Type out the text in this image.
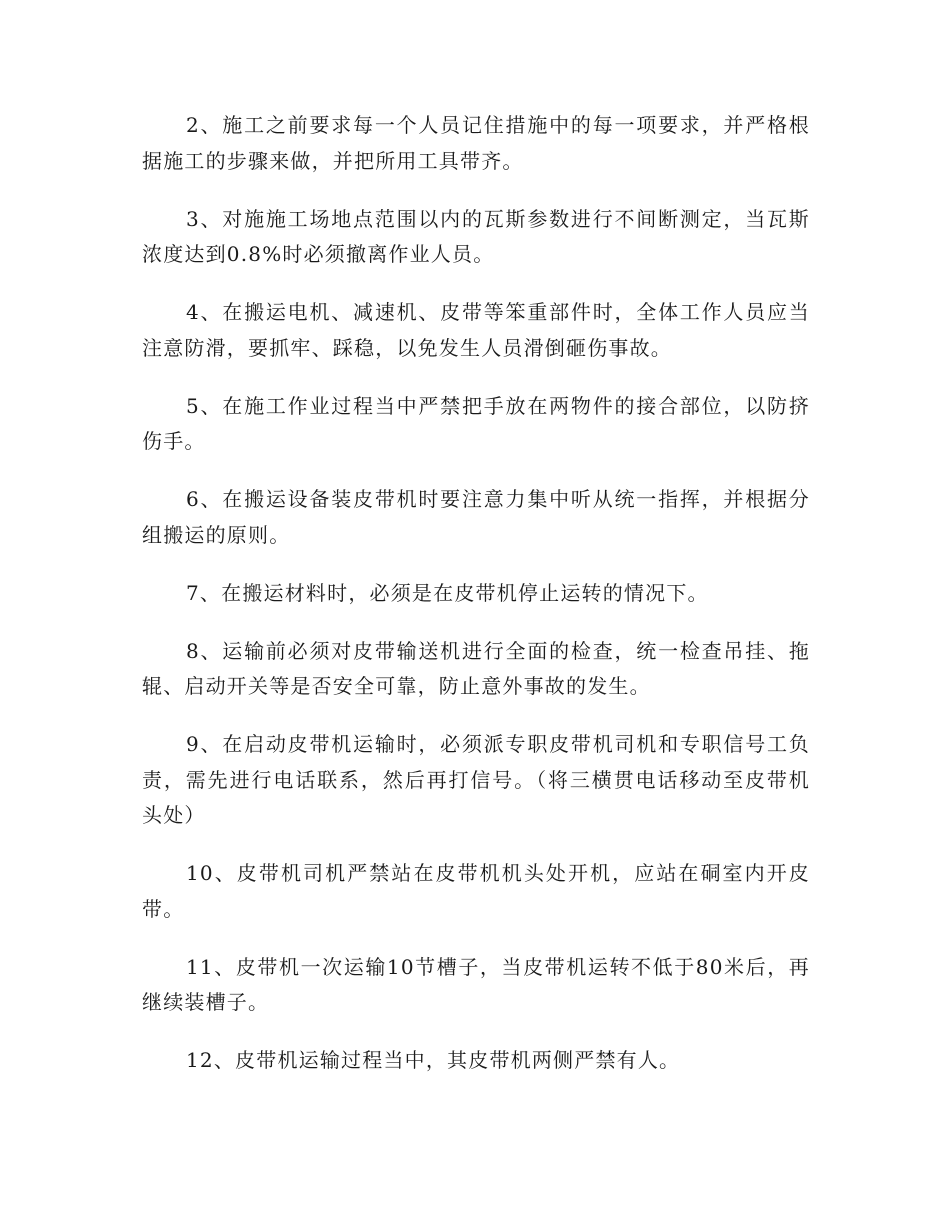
2、施工之前要求每一个人员记住措施中的每一项要求，并严格根据施工的步骤来做，并把所用工具带齐。

3、对施施工场地点范围以内的瓦斯参数进行不间断测定，当瓦斯浓度达到0.8%时必须撤离作业人员。

4、在搬运电机、减速机、皮带等笨重部件时，全体工作人员应当注意防滑，要抓牢、踩稳，以免发生人员滑倒砸伤事故。

5、在施工作业过程当中严禁把手放在两物件的接合部位，以防挤伤手。

6、在搬运设备装皮带机时要注意力集中听从统一指挥，并根据分组搬运的原则。

7、在搬运材料时，必须是在皮带机停止运转的情况下。

8、运输前必须对皮带输送机进行全面的检查，统一检查吊挂、拖辊、启动开关等是否安全可靠，防止意外事故的发生。

9、在启动皮带机运输时，必须派专职皮带机司机和专职信号工负责，需先进行电话联系，然后再打信号。（将三横贯电话移动至皮带机头处）

10、皮带机司机严禁站在皮带机机头处开机，应站在硐室内开皮带。

11、皮带机一次运输10节槽子，当皮带机运转不低于80米后，再继续装槽子。

12、皮带机运输过程当中，其皮带机两侧严禁有人。
